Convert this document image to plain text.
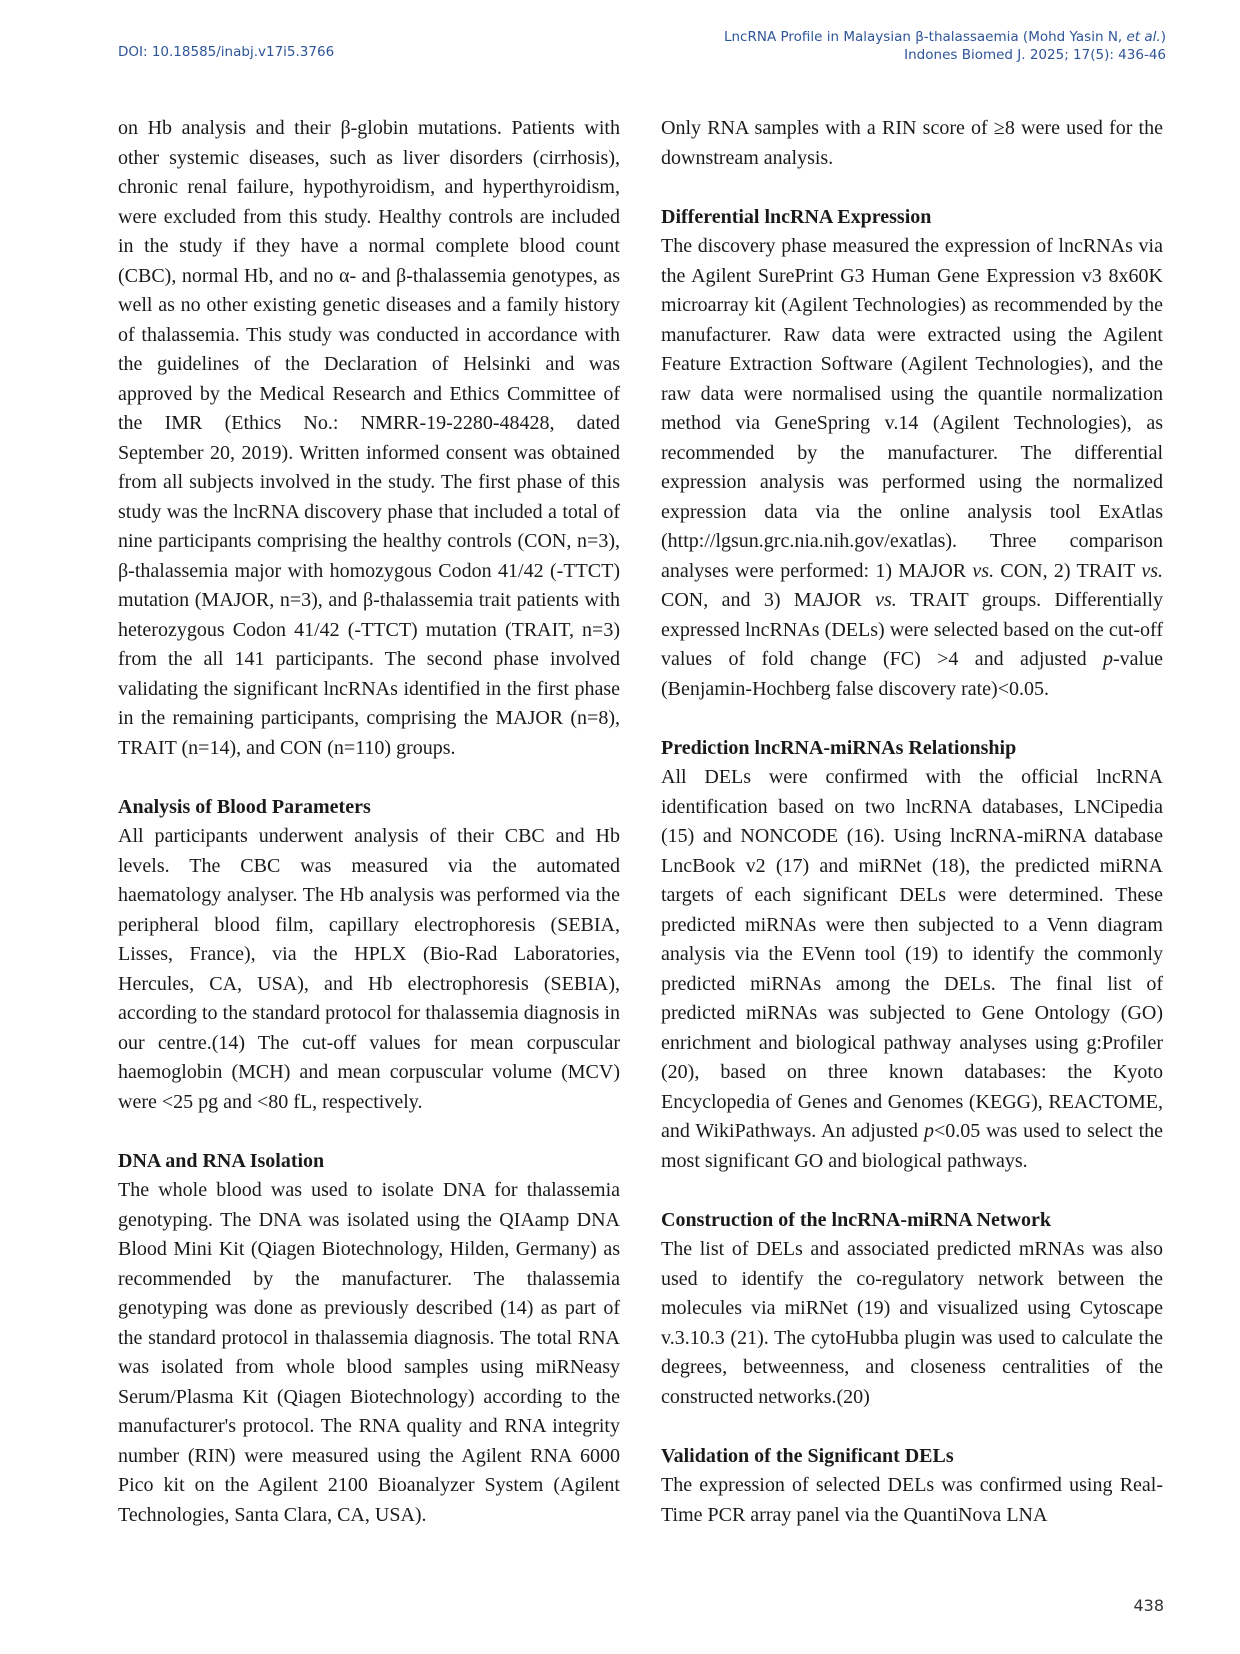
DOI: 10.18585/inabj.v17i5.3766
LncRNA Profile in Malaysian β-thalassaemia (Mohd Yasin N, et al.)
Indones Biomed J. 2025; 17(5): 436-46

on Hb analysis and their β-globin mutations. Patients with other systemic diseases, such as liver disorders (cirrhosis), chronic renal failure, hypothyroidism, and hyperthyroidism, were excluded from this study. Healthy controls are included in the study if they have a normal complete blood count (CBC), normal Hb, and no α- and β-thalassemia genotypes, as well as no other existing genetic diseases and a family history of thalassemia. This study was conducted in accordance with the guidelines of the Declaration of Helsinki and was approved by the Medical Research and Ethics Committee of the IMR (Ethics No.: NMRR-19-2280-48428, dated September 20, 2019). Written informed consent was obtained from all subjects involved in the study. The first phase of this study was the lncRNA discovery phase that included a total of nine participants comprising the healthy controls (CON, n=3), β-thalassemia major with homozygous Codon 41/42 (-TTCT) mutation (MAJOR, n=3), and β-thalassemia trait patients with heterozygous Codon 41/42 (-TTCT) mutation (TRAIT, n=3) from the all 141 participants. The second phase involved validating the significant lncRNAs identified in the first phase in the remaining participants, comprising the MAJOR (n=8), TRAIT (n=14), and CON (n=110) groups.

Analysis of Blood Parameters

All participants underwent analysis of their CBC and Hb levels. The CBC was measured via the automated haematology analyser. The Hb analysis was performed via the peripheral blood film, capillary electrophoresis (SEBIA, Lisses, France), via the HPLX (Bio-Rad Laboratories, Hercules, CA, USA), and Hb electrophoresis (SEBIA), according to the standard protocol for thalassemia diagnosis in our centre.(14) The cut-off values for mean corpuscular haemoglobin (MCH) and mean corpuscular volume (MCV) were <25 pg and <80 fL, respectively.

DNA and RNA Isolation

The whole blood was used to isolate DNA for thalassemia genotyping. The DNA was isolated using the QIAamp DNA Blood Mini Kit (Qiagen Biotechnology, Hilden, Germany) as recommended by the manufacturer. The thalassemia genotyping was done as previously described (14) as part of the standard protocol in thalassemia diagnosis. The total RNA was isolated from whole blood samples using miRNeasy Serum/Plasma Kit (Qiagen Biotechnology) according to the manufacturer's protocol. The RNA quality and RNA integrity number (RIN) were measured using the Agilent RNA 6000 Pico kit on the Agilent 2100 Bioanalyzer System (Agilent Technologies, Santa Clara, CA, USA).

Only RNA samples with a RIN score of ≥8 were used for the downstream analysis.

Differential lncRNA Expression

The discovery phase measured the expression of lncRNAs via the Agilent SurePrint G3 Human Gene Expression v3 8x60K microarray kit (Agilent Technologies) as recommended by the manufacturer. Raw data were extracted using the Agilent Feature Extraction Software (Agilent Technologies), and the raw data were normalised using the quantile normalization method via GeneSpring v.14 (Agilent Technologies), as recommended by the manufacturer. The differential expression analysis was performed using the normalized expression data via the online analysis tool ExAtlas (http://lgsun.grc.nia.nih.gov/exatlas). Three comparison analyses were performed: 1) MAJOR vs. CON, 2) TRAIT vs. CON, and 3) MAJOR vs. TRAIT groups. Differentially expressed lncRNAs (DELs) were selected based on the cut-off values of fold change (FC) >4 and adjusted p-value (Benjamin-Hochberg false discovery rate)<0.05.

Prediction lncRNA-miRNAs Relationship

All DELs were confirmed with the official lncRNA identification based on two lncRNA databases, LNCipedia (15) and NONCODE (16). Using lncRNA-miRNA database LncBook v2 (17) and miRNet (18), the predicted miRNA targets of each significant DELs were determined. These predicted miRNAs were then subjected to a Venn diagram analysis via the EVenn tool (19) to identify the commonly predicted miRNAs among the DELs. The final list of predicted miRNAs was subjected to Gene Ontology (GO) enrichment and biological pathway analyses using g:Profiler (20), based on three known databases: the Kyoto Encyclopedia of Genes and Genomes (KEGG), REACTOME, and WikiPathways. An adjusted p<0.05 was used to select the most significant GO and biological pathways.

Construction of the lncRNA-miRNA Network

The list of DELs and associated predicted mRNAs was also used to identify the co-regulatory network between the molecules via miRNet (19) and visualized using Cytoscape v.3.10.3 (21). The cytoHubba plugin was used to calculate the degrees, betweenness, and closeness centralities of the constructed networks.(20)

Validation of the Significant DELs

The expression of selected DELs was confirmed using Real-Time PCR array panel via the QuantiNova LNA

438
